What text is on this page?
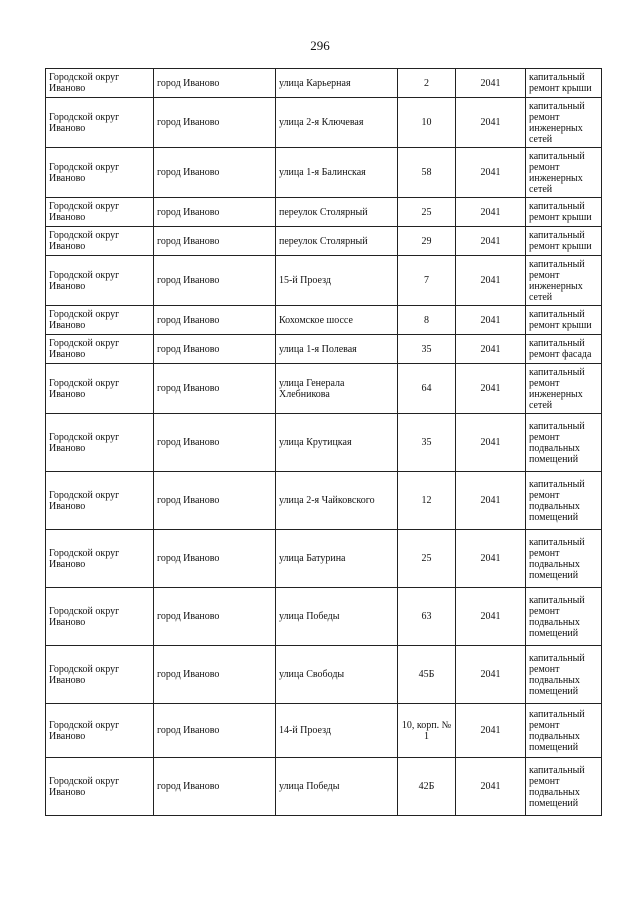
296
Городской округ Иваново	город Иваново	улица Карьерная	2	2041	капитальный ремонт крыши
Городской округ Иваново	город Иваново	улица 2-я Ключевая	10	2041	капитальный ремонт инженерных сетей
Городской округ Иваново	город Иваново	улица 1-я Балинская	58	2041	капитальный ремонт инженерных сетей
Городской округ Иваново	город Иваново	переулок Столярный	25	2041	капитальный ремонт крыши
Городской округ Иваново	город Иваново	переулок Столярный	29	2041	капитальный ремонт крыши
Городской округ Иваново	город Иваново	15-й Проезд	7	2041	капитальный ремонт инженерных сетей
Городской округ Иваново	город Иваново	Кохомское шоссе	8	2041	капитальный ремонт крыши
Городской округ Иваново	город Иваново	улица 1-я Полевая	35	2041	капитальный ремонт фасада
Городской округ Иваново	город Иваново	улица Генерала Хлебникова	64	2041	капитальный ремонт инженерных сетей
Городской округ Иваново	город Иваново	улица Крутицкая	35	2041	капитальный ремонт подвальных помещений
Городской округ Иваново	город Иваново	улица 2-я Чайковского	12	2041	капитальный ремонт подвальных помещений
Городской округ Иваново	город Иваново	улица Батурина	25	2041	капитальный ремонт подвальных помещений
Городской округ Иваново	город Иваново	улица Победы	63	2041	капитальный ремонт подвальных помещений
Городской округ Иваново	город Иваново	улица Свободы	45Б	2041	капитальный ремонт подвальных помещений
Городской округ Иваново	город Иваново	14-й Проезд	10, корп. № 1	2041	капитальный ремонт подвальных помещений
Городской округ Иваново	город Иваново	улица Победы	42Б	2041	капитальный ремонт подвальных помещений
